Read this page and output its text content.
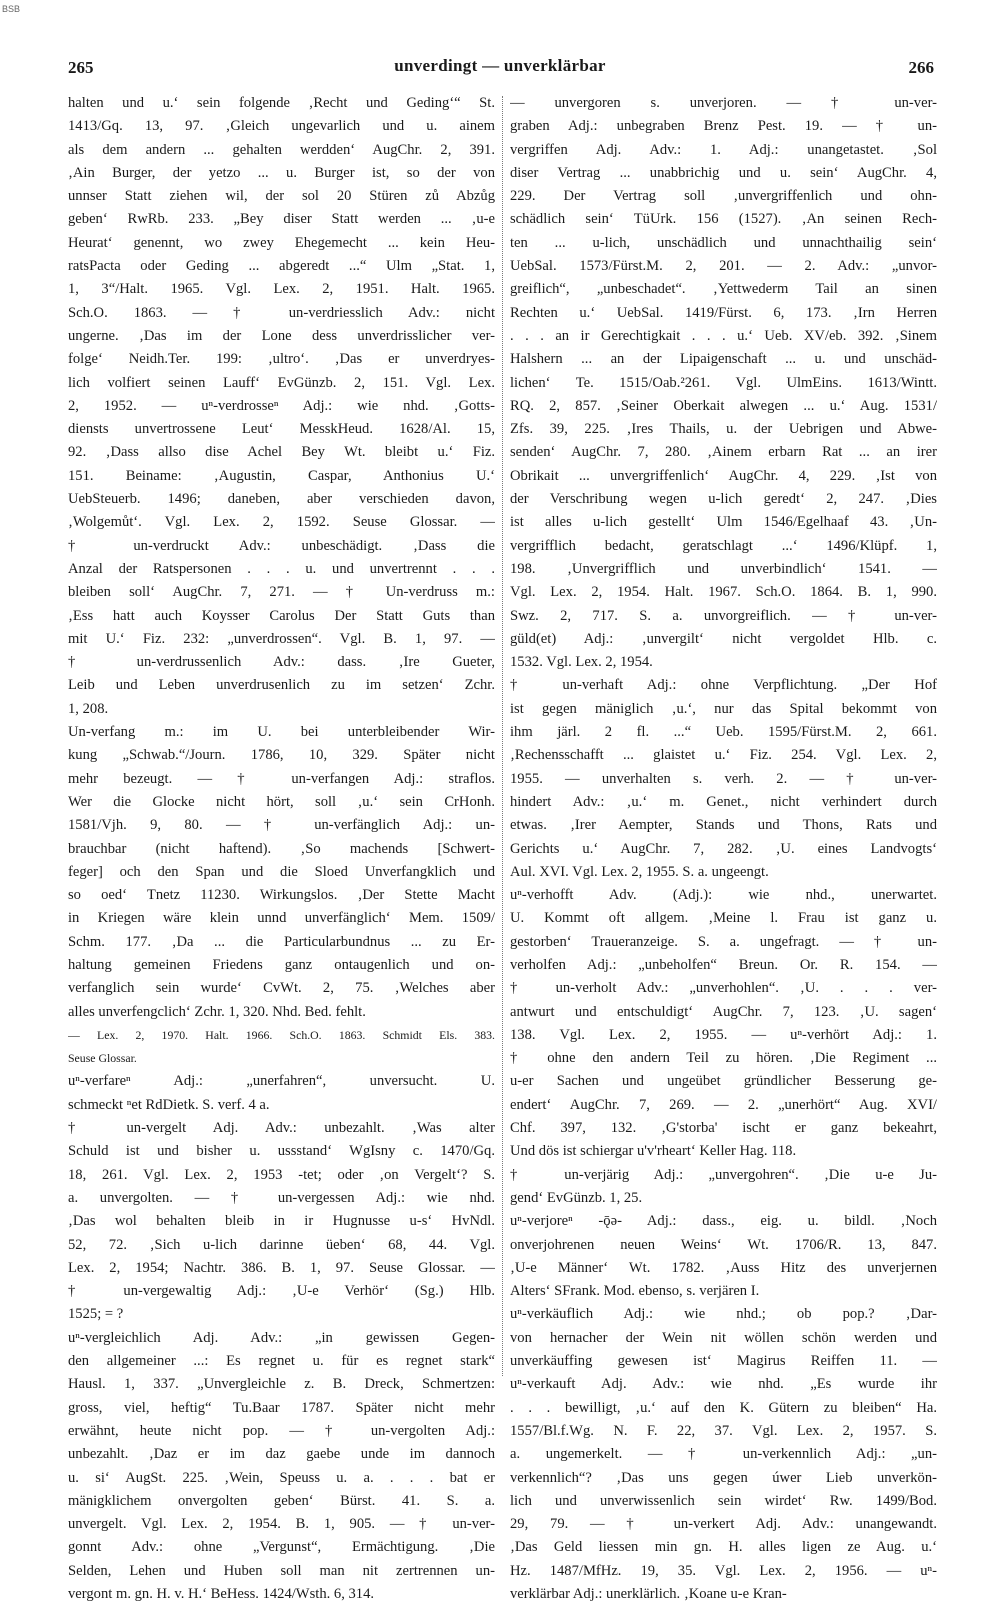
BSB
265	unverdingt — unverklärbar	266
halten und u.‘ sein folgende ‚Recht und Geding‘“ St.
1413/Gq. 13, 97. ‚Gleich ungevarlich und u. ainem
als dem andern ... gehalten werdden‘ AugChr. 2, 391.
‚Ain Burger, der yetzo ... u. Burger ist, so der von
unnser Statt ziehen wil, der sol 20 Stüren zů Abzůg
geben‘ RwRb. 233. „Bey diser Statt werden ... ‚u-e
Heurat‘ genennt, wo zwey Ehegemecht ... kein Heu-
ratsPacta oder Geding ... abgeredt ...“ Ulm „Stat. 1,
1, 3“/Halt. 1965. Vgl. Lex. 2, 1951. Halt. 1965.
Sch.O. 1863. — † un-verdriesslich Adv.: nicht
ungerne. ‚Das im der Lone dess unverdrisslicher ver-
folge‘ Neidh.Ter. 199: ‚ultro‘. ‚Das er unverdryes-
lich volfiert seinen Lauff‘ EvGünzb. 2, 151. Vgl. Lex.
2, 1952. — uⁿ-verdrosseⁿ Adj.: wie nhd. ‚Gotts-
diensts unvertrossene Leut‘ MesskHeud. 1628/Al. 15,
92. ‚Dass allso dise Achel Bey Wt. bleibt u.‘ Fiz.
151. Beiname: ‚Augustin, Caspar, Anthonius U.‘
UebSteuerb. 1496; daneben, aber verschieden davon,
‚Wolgemůt‘. Vgl. Lex. 2, 1592. Seuse Glossar. —
† un-verdruckt Adv.: unbeschädigt. ‚Dass die
Anzal der Ratspersonen . . . u. und unvertrennt . . .
bleiben soll‘ AugChr. 7, 271. — † Un-verdruss m.:
‚Ess hatt auch Koysser Carolus Der Statt Guts than
mit U.‘ Fiz. 232: „unverdrossen“. Vgl. B. 1, 97. —
† un-verdrussenlich Adv.: dass. ‚Ire Gueter,
Leib und Leben unverdrusenlich zu im setzen‘ Zchr.
1, 208.
Un-verfang m.: im U. bei unterbleibender Wir-
kung „Schwab.“/Journ. 1786, 10, 329. Später nicht
mehr bezeugt. — † un-verfangen Adj.: straflos.
Wer die Glocke nicht hört, soll ‚u.‘ sein CrHonh.
1581/Vjh. 9, 80. — † un-verfänglich Adj.: un-
brauchbar (nicht haftend). ‚So machends [Schwert-
feger] och den Span und die Sloed Unverfangklich und
so oed‘ Tnetz 11230. Wirkungslos. ‚Der Stette Macht
in Kriegen wäre klein unnd unverfänglich‘ Mem. 1509/
Schm. 177. ‚Da ... die Particularbundnus ... zu Er-
haltung gemeinen Friedens ganz ontaugenlich und on-
verfanglich sein wurde‘ CvWt. 2, 75. ‚Welches aber
alles unverfengclich‘ Zchr. 1, 320. Nhd. Bed. fehlt.
— Lex. 2, 1970. Halt. 1966. Sch.O. 1863. Schmidt Els. 383.
Seuse Glossar.
uⁿ-verfareⁿ Adj.: „unerfahren“, unversucht. U.
schmeckt ⁿet RdDietk. S. verf. 4 a.
† un-vergelt Adj. Adv.: unbezahlt. ‚Was alter
Schuld ist und bisher u. ussstand‘ WgIsny c. 1470/Gq.
18, 261. Vgl. Lex. 2, 1953 -tet; oder ‚on Vergelt‘? S.
a. unvergolten. — † un-vergessen Adj.: wie nhd.
‚Das wol behalten bleib in ir Hugnusse u-s‘ HvNdl.
52, 72. ‚Sich u-lich darinne üeben‘ 68, 44. Vgl.
Lex. 2, 1954; Nachtr. 386. B. 1, 97. Seuse Glossar. —
† un-vergewaltig Adj.: ‚U-e Verhör‘ (Sg.) Hlb.
1525; = ?
uⁿ-vergleichlich Adj. Adv.: „in gewissen Gegen-
den allgemeiner ...: Es regnet u. für es regnet stark“
Hausl. 1, 337. „Unvergleichle z. B. Dreck, Schmertzen:
gross, viel, heftig“ Tu.Baar 1787. Später nicht mehr
erwähnt, heute nicht pop. — † un-vergolten Adj.:
unbezahlt. ‚Daz er im daz gaebe unde im dannoch
u. si‘ AugSt. 225. ‚Wein, Speuss u. a. . . . bat er
mänigklichem onvergolten geben‘ Bürst. 41. S. a.
unvergelt. Vgl. Lex. 2, 1954. B. 1, 905. — † un-ver-
gonnt Adv.: ohne „Vergunst“, Ermächtigung. ‚Die
Selden, Lehen und Huben soll man nit zertrennen un-
vergont m. gn. H. v. H.‘ BeHess. 1424/Wsth. 6, 314.
— unvergoren s. unverjoren. — † un-ver-
graben Adj.: unbegraben Brenz Pest. 19. — † un-
vergriffen Adj. Adv.: 1. Adj.: unangetastet. ‚Sol
diser Vertrag ... unabbrichig und u. sein‘ AugChr. 4,
229. Der Vertrag soll ‚unvergriffenlich und ohn-
schädlich sein‘ TüUrk. 156 (1527). ‚An seinen Rech-
ten ... u-lich, unschädlich und unnachthailig sein‘
UebSal. 1573/Fürst.M. 2, 201. — 2. Adv.: „unvor-
greiflich“, „unbeschadet“. ‚Yettwederm Tail an sinen
Rechten u.‘ UebSal. 1419/Fürst. 6, 173. ‚Irn Herren
. . . an ir Gerechtigkait . . . u.‘ Ueb. XV/eb. 392. ‚Sinem
Halshern ... an der Lipaigenschaft ... u. und unschäd-
lichen‘ Te. 1515/Oab.²261. Vgl. UlmEins. 1613/Wintt.
RQ. 2, 857. ‚Seiner Oberkait alwegen ... u.‘ Aug. 1531/
Zfs. 39, 225. ‚Ires Thails, u. der Uebrigen und Abwe-
senden‘ AugChr. 7, 280. ‚Ainem erbarn Rat ... an irer
Obrikait ... unvergriffenlich‘ AugChr. 4, 229. ‚Ist von
der Verschribung wegen u-lich geredt‘ 2, 247. ‚Dies
ist alles u-lich gestellt‘ Ulm 1546/Egelhaaf 43. ‚Un-
vergrifflich bedacht, geratschlagt ...‘ 1496/Klüpf. 1,
198. ‚Unvergrifflich und unverbindlich‘ 1541. —
Vgl. Lex. 2, 1954. Halt. 1967. Sch.O. 1864. B. 1, 990.
Swz. 2, 717. S. a. unvorgreiflich. — † un-ver-
güld(et) Adj.: ‚unvergilt‘ nicht vergoldet Hlb. c.
1532. Vgl. Lex. 2, 1954.
† un-verhaft Adj.: ohne Verpflichtung. „Der Hof
ist gegen mäniglich ‚u.‘, nur das Spital bekommt von
ihm järl. 2 fl. ...“ Ueb. 1595/Fürst.M. 2, 661.
‚Rechensschafft ... glaistet u.‘ Fiz. 254. Vgl. Lex. 2,
1955. — unverhalten s. verh. 2. — † un-ver-
hindert Adv.: ‚u.‘ m. Genet., nicht verhindert durch
etwas. ‚Irer Aempter, Stands und Thons, Rats und
Gerichts u.‘ AugChr. 7, 282. ‚U. eines Landvogts‘
Aul. XVI. Vgl. Lex. 2, 1955. S. a. ungeengt.
uⁿ-verhofft Adv. (Adj.): wie nhd., unerwartet.
U. Kommt oft allgem. ‚Meine l. Frau ist ganz u.
gestorben‘ Traueranzeige. S. a. ungefragt. — † un-
verholfen Adj.: „unbeholfen“ Breun. Or. R. 154. —
† un-verholt Adv.: „unverhohlen“. ‚U. . . . ver-
antwurt und entschuldigt‘ AugChr. 7, 123. ‚U. sagen‘
138. Vgl. Lex. 2, 1955. — uⁿ-verhört Adj.: 1.
† ohne den andern Teil zu hören. ‚Die Regiment ...
u-er Sachen und ungeübet gründlicher Besserung ge-
endert‘ AugChr. 7, 269. — 2. „unerhört“ Aug. XVI/
Chf. 397, 132. ‚G'storba' ischt er ganz bekeahrt,
Und dös ist schiergar u'v'rheart‘ Keller Hag. 118.
† un-verjärig Adj.: „unvergohren“. ‚Die u-e Ju-
gend‘ EvGünzb. 1, 25.
uⁿ-verjoreⁿ -ǭə- Adj.: dass., eig. u. bildl. ‚Noch
onverjohrenen neuen Weins‘ Wt. 1706/R. 13, 847.
‚U-e Männer‘ Wt. 1782. ‚Auss Hitz des unverjernen
Alters‘ SFrank. Mod. ebenso, s. verjären I.
uⁿ-verkäuflich Adj.: wie nhd.; ob pop.? ‚Dar-
von hernacher der Wein nit wöllen schön werden und
unverkäuffing gewesen ist‘ Magirus Reiffen 11. —
uⁿ-verkauft Adj. Adv.: wie nhd. „Es wurde ihr
. . . bewilligt, ‚u.‘ auf den K. Gütern zu bleiben“ Ha.
1557/Bl.f.Wg. N. F. 22, 37. Vgl. Lex. 2, 1957. S.
a. ungemerkelt. — † un-verkennlich Adj.: „un-
verkennlich“? ‚Das uns gegen úwer Lieb unverkön-
lich und unverwissenlich sein wirdet‘ Rw. 1499/Bod.
29, 79. — † un-verkert Adj. Adv.: unangewandt.
‚Das Geld liessen min gn. H. alles ligen ze Aug. u.‘
Hz. 1487/MfHz. 19, 35. Vgl. Lex. 2, 1956. — uⁿ-
verklärbar Adj.: unerklärlich. ‚Koane u-e Kran-
